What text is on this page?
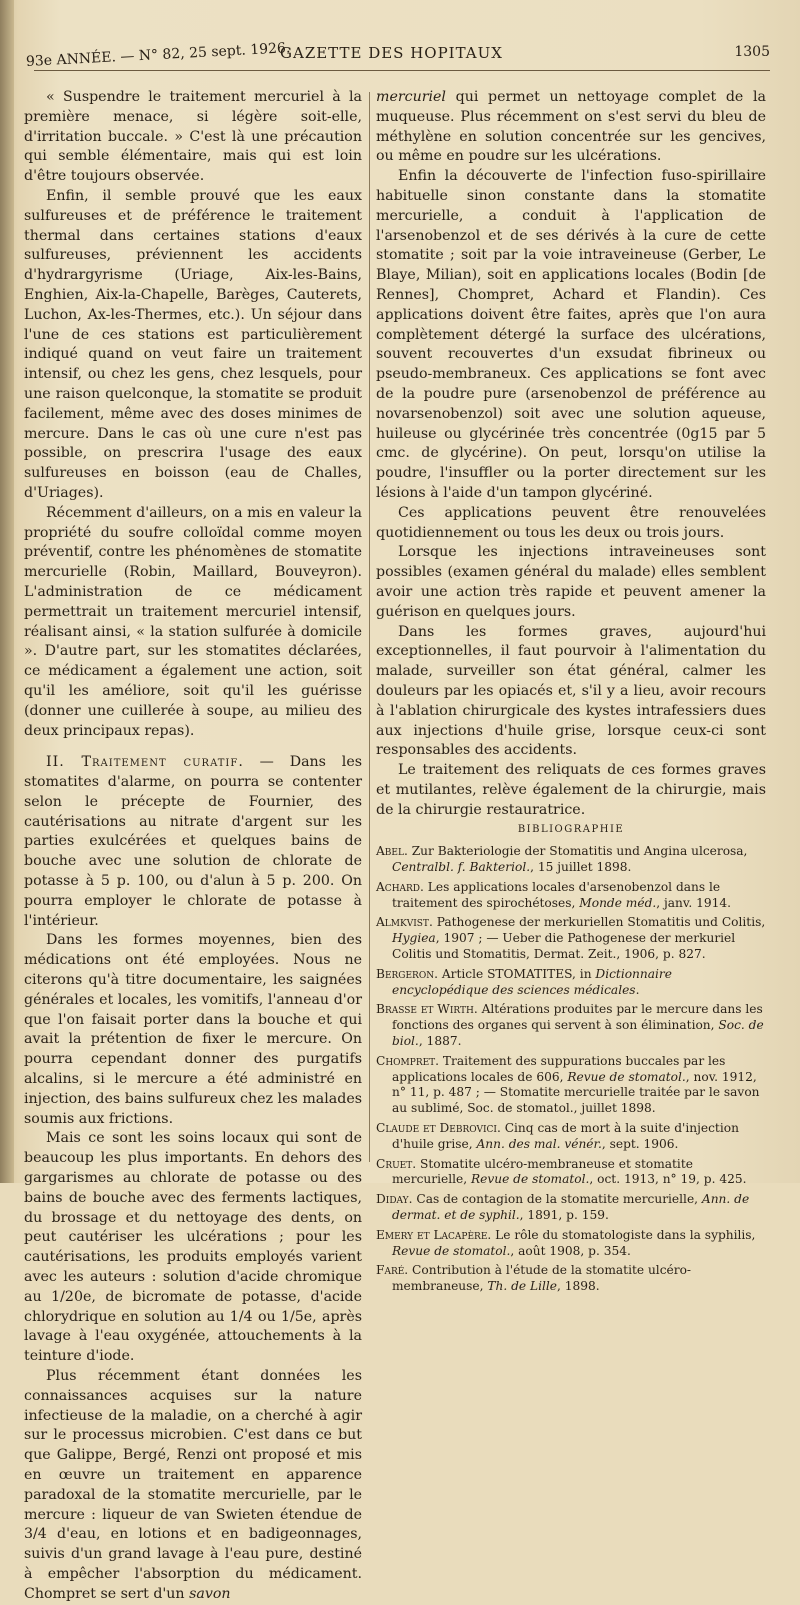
93e ANNÉE. — N° 82, 25 sept. 1926.
GAZETTE DES HOPITAUX	1305

« Suspendre le traitement mercuriel à la première menace, si légère soit-elle, d'irritation buccale. » C'est là une précaution qui semble élémentaire, mais qui est loin d'être toujours observée.

Enfin, il semble prouvé que les eaux sulfureuses et de préférence le traitement thermal dans certaines stations d'eaux sulfureuses, préviennent les accidents d'hydrargyrisme (Uriage, Aix-les-Bains, Enghien, Aix-la-Chapelle, Barèges, Cauterets, Luchon, Ax-les-Thermes, etc.). Un séjour dans l'une de ces stations est particulièrement indiqué quand on veut faire un traitement intensif, ou chez les gens, chez lesquels, pour une raison quelconque, la stomatite se produit facilement, même avec des doses minimes de mercure. Dans le cas où une cure n'est pas possible, on prescrira l'usage des eaux sulfureuses en boisson (eau de Challes, d'Uriages).

Récemment d'ailleurs, on a mis en valeur la propriété du soufre colloïdal comme moyen préventif, contre les phénomènes de stomatite mercurielle (Robin, Maillard, Bouveyron). L'administration de ce médicament permettrait un traitement mercuriel intensif, réalisant ainsi, « la station sulfurée à domicile ». D'autre part, sur les stomatites déclarées, ce médicament a également une action, soit qu'il les améliore, soit qu'il les guérisse (donner une cuillerée à soupe, au milieu des deux principaux repas).

II. Traitement curatif. — Dans les stomatites d'alarme, on pourra se contenter selon le précepte de Fournier, des cautérisations au nitrate d'argent sur les parties exulcérées et quelques bains de bouche avec une solution de chlorate de potasse à 5 p. 100, ou d'alun à 5 p. 200. On pourra employer le chlorate de potasse à l'intérieur.

Dans les formes moyennes, bien des médications ont été employées. Nous ne citerons qu'à titre documentaire, les saignées générales et locales, les vomitifs, l'anneau d'or que l'on faisait porter dans la bouche et qui avait la prétention de fixer le mercure. On pourra cependant donner des purgatifs alcalins, si le mercure a été administré en injection, des bains sulfureux chez les malades soumis aux frictions.

Mais ce sont les soins locaux qui sont de beaucoup les plus importants. En dehors des gargarismes au chlorate de potasse ou des bains de bouche avec des ferments lactiques, du brossage et du nettoyage des dents, on peut cautériser les ulcérations ; pour les cautérisations, les produits employés varient avec les auteurs : solution d'acide chromique au 1/20e, de bicromate de potasse, d'acide chlorydrique en solution au 1/4 ou 1/5e, après lavage à l'eau oxygénée, attouchements à la teinture d'iode.

Plus récemment étant données les connaissances acquises sur la nature infectieuse de la maladie, on a cherché à agir sur le processus microbien. C'est dans ce but que Galippe, Bergé, Renzi ont proposé et mis en œuvre un traitement en apparence paradoxal de la stomatite mercurielle, par le mercure : liqueur de van Swieten étendue de 3/4 d'eau, en lotions et en badigeonnages, suivis d'un grand lavage à l'eau pure, destiné à empêcher l'absorption du médicament. Chompret se sert d'un savon

mercuriel qui permet un nettoyage complet de la muqueuse. Plus récemment on s'est servi du bleu de méthylène en solution concentrée sur les gencives, ou même en poudre sur les ulcérations.

Enfin la découverte de l'infection fuso-spirillaire habituelle sinon constante dans la stomatite mercurielle, a conduit à l'application de l'arsenobenzol et de ses dérivés à la cure de cette stomatite ; soit par la voie intraveineuse (Gerber, Le Blaye, Milian), soit en applications locales (Bodin [de Rennes], Chompret, Achard et Flandin). Ces applications doivent être faites, après que l'on aura complètement détergé la surface des ulcérations, souvent recouvertes d'un exsudat fibrineux ou pseudo-membraneux. Ces applications se font avec de la poudre pure (arsenobenzol de préférence au novarsenobenzol) soit avec une solution aqueuse, huileuse ou glycérinée très concentrée (0g15 par 5 cmc. de glycérine). On peut, lorsqu'on utilise la poudre, l'insuffler ou la porter directement sur les lésions à l'aide d'un tampon glycériné.

Ces applications peuvent être renouvelées quotidiennement ou tous les deux ou trois jours.

Lorsque les injections intraveineuses sont possibles (examen général du malade) elles semblent avoir une action très rapide et peuvent amener la guérison en quelques jours.

Dans les formes graves, aujourd'hui exceptionnelles, il faut pourvoir à l'alimentation du malade, surveiller son état général, calmer les douleurs par les opiacés et, s'il y a lieu, avoir recours à l'ablation chirurgicale des kystes intrafessiers dues aux injections d'huile grise, lorsque ceux-ci sont responsables des accidents.

Le traitement des reliquats de ces formes graves et mutilantes, relève également de la chirurgie, mais de la chirurgie restauratrice.

BIBLIOGRAPHIE

Abel. Zur Bakteriologie der Stomatitis und Angina ulcerosa, Centralbl. f. Bakteriol., 15 juillet 1898.

Achard. Les applications locales d'arsenobenzol dans le traitement des spirochétoses, Monde méd., janv. 1914.

Almkvist. Pathogenese der merkuriellen Stomatitis und Colitis, Hygiea, 1907 ; — Ueber die Pathogenese der merkuriel Colitis und Stomatitis, Dermat. Zeit., 1906, p. 827.

Bergeron. Article STOMATITES, in Dictionnaire encyclopédique des sciences médicales.

Brasse et Wirth. Altérations produites par le mercure dans les fonctions des organes qui servent à son élimination, Soc. de biol., 1887.

Chompret. Traitement des suppurations buccales par les applications locales de 606, Revue de stomatol., nov. 1912, n° 11, p. 487 ; — Stomatite mercurielle traitée par le savon au sublimé, Soc. de stomatol., juillet 1898.

Claude et Debrovici. Cinq cas de mort à la suite d'injection d'huile grise, Ann. des mal. vénér., sept. 1906.

Cruet. Stomatite ulcéro-membraneuse et stomatite mercurielle, Revue de stomatol., oct. 1913, n° 19, p. 425.

Diday. Cas de contagion de la stomatite mercurielle, Ann. de dermat. et de syphil., 1891, p. 159.

Emery et Lacapère. Le rôle du stomatologiste dans la syphilis, Revue de stomatol., août 1908, p. 354.

Faré. Contribution à l'étude de la stomatite ulcéro-membraneuse, Th. de Lille, 1898.
